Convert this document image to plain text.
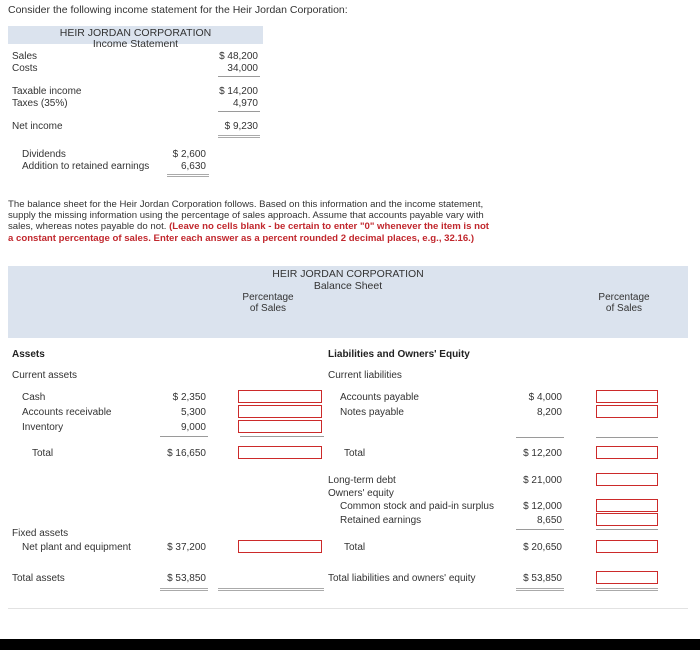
Consider the following income statement for the Heir Jordan Corporation:
HEIR JORDAN CORPORATION
Income Statement
Sales	$ 48,200
Costs	34,000
Taxable income	$ 14,200
Taxes (35%)	4,970
Net income	$ 9,230
Dividends	$ 2,600
Addition to retained earnings	6,630
The balance sheet for the Heir Jordan Corporation follows. Based on this information and the income statement, supply the missing information using the percentage of sales approach. Assume that accounts payable vary with sales, whereas notes payable do not. (Leave no cells blank - be certain to enter "0" whenever the item is not a constant percentage of sales. Enter each answer as a percent rounded 2 decimal places, e.g., 32.16.)
HEIR JORDAN CORPORATION
Balance Sheet
Percentage
of Sales
Percentage
of Sales
Assets
Current assets
Cash	$ 2,350
Accounts receivable	5,300
Inventory	9,000
Total	$ 16,650
Fixed assets
Net plant and equipment	$ 37,200
Total assets	$ 53,850
Liabilities and Owners' Equity
Current liabilities
Accounts payable	$ 4,000
Notes payable	8,200
Total	$ 12,200
Long-term debt	$ 21,000
Owners' equity
Common stock and paid-in surplus	$ 12,000
Retained earnings	8,650
Total	$ 20,650
Total liabilities and owners' equity	$ 53,850
